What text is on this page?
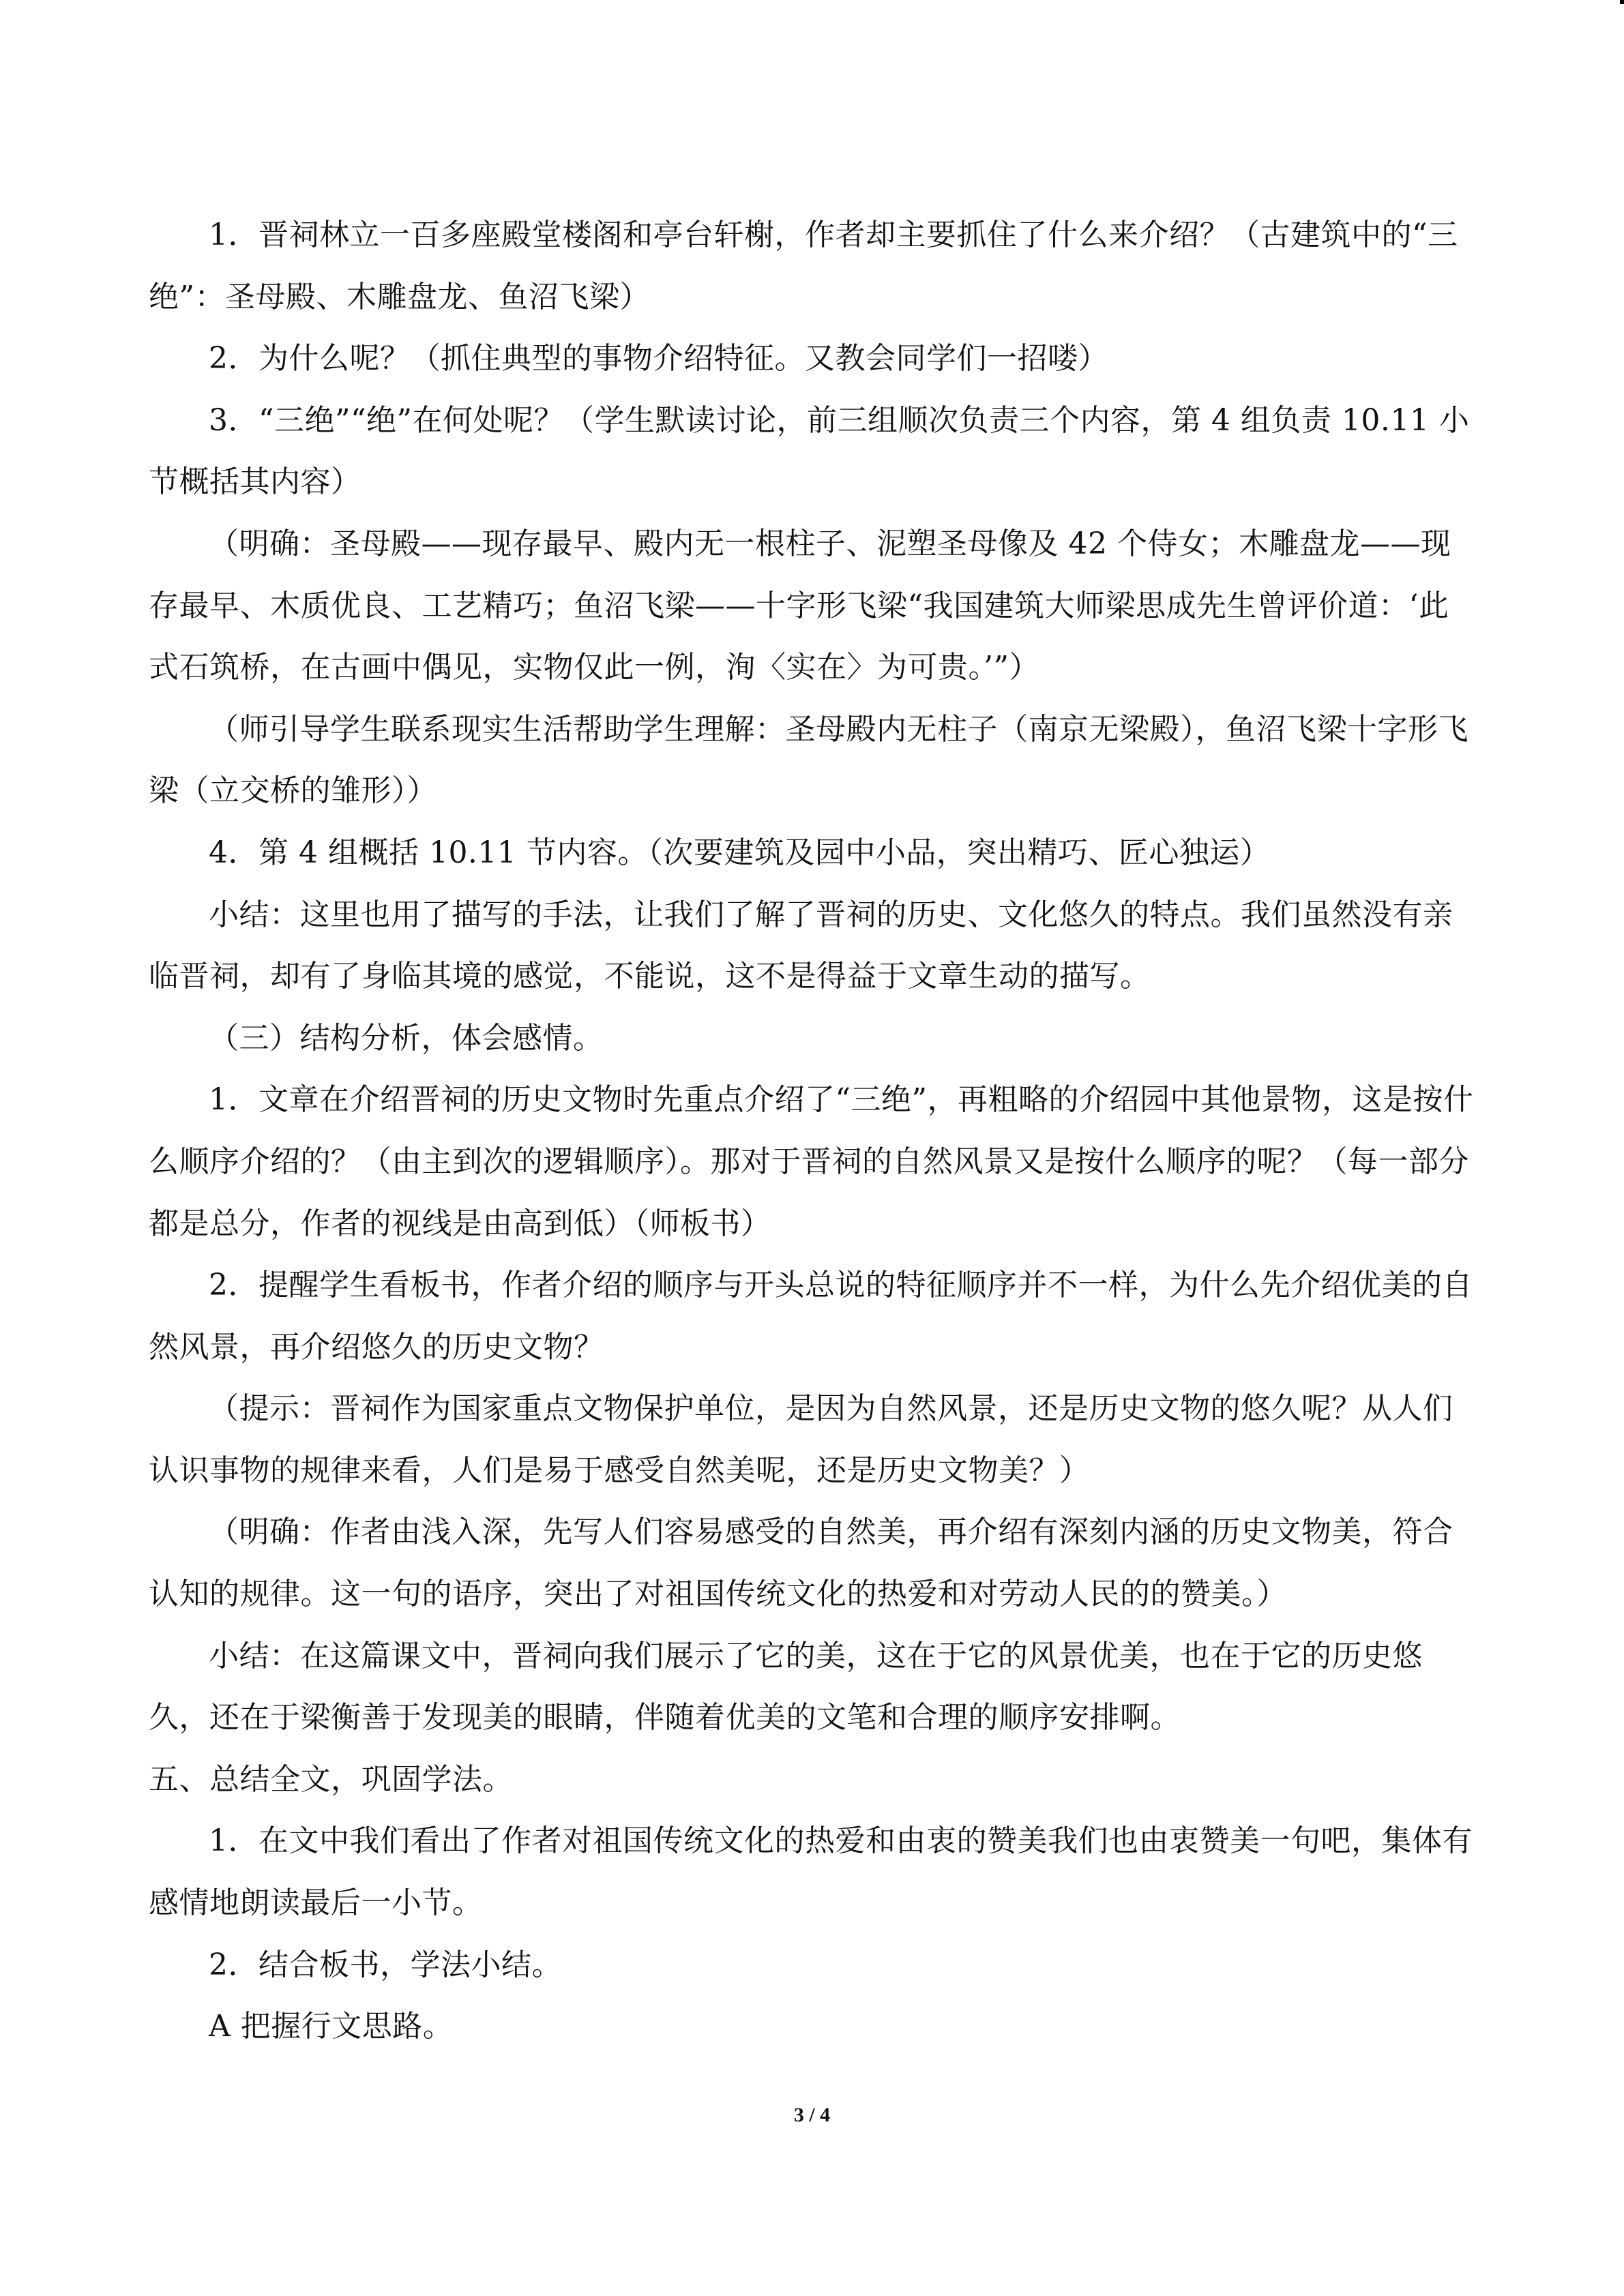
1．晋祠林立一百多座殿堂楼阁和亭台轩榭，作者却主要抓住了什么来介绍？（古建筑中的“三绝”：圣母殿、木雕盘龙、鱼沼飞梁）

2．为什么呢？（抓住典型的事物介绍特征。又教会同学们一招喽）

3．“三绝”“绝”在何处呢？（学生默读讨论，前三组顺次负责三个内容，第 4 组负责 10.11 小节概括其内容）

（明确：圣母殿——现存最早、殿内无一根柱子、泥塑圣母像及 42 个侍女；木雕盘龙——现存最早、木质优良、工艺精巧；鱼沼飞梁——十字形飞梁“我国建筑大师梁思成先生曾评价道：‘此式石筑桥，在古画中偶见，实物仅此一例，洵〈实在〉为可贵。’”）

（师引导学生联系现实生活帮助学生理解：圣母殿内无柱子（南京无梁殿），鱼沼飞梁十字形飞梁（立交桥的雏形））

4．第 4 组概括 10.11 节内容。（次要建筑及园中小品，突出精巧、匠心独运）

小结：这里也用了描写的手法，让我们了解了晋祠的历史、文化悠久的特点。我们虽然没有亲临晋祠，却有了身临其境的感觉，不能说，这不是得益于文章生动的描写。

（三）结构分析，体会感情。

1．文章在介绍晋祠的历史文物时先重点介绍了“三绝”，再粗略的介绍园中其他景物，这是按什么顺序介绍的？（由主到次的逻辑顺序）。那对于晋祠的自然风景又是按什么顺序的呢？（每一部分都是总分，作者的视线是由高到低）（师板书）

2．提醒学生看板书，作者介绍的顺序与开头总说的特征顺序并不一样，为什么先介绍优美的自然风景，再介绍悠久的历史文物？

（提示：晋祠作为国家重点文物保护单位，是因为自然风景，还是历史文物的悠久呢？从人们认识事物的规律来看，人们是易于感受自然美呢，还是历史文物美？）

（明确：作者由浅入深，先写人们容易感受的自然美，再介绍有深刻内涵的历史文物美，符合认知的规律。这一句的语序，突出了对祖国传统文化的热爱和对劳动人民的的赞美。）

小结：在这篇课文中，晋祠向我们展示了它的美，这在于它的风景优美，也在于它的历史悠久，还在于梁衡善于发现美的眼睛，伴随着优美的文笔和合理的顺序安排啊。

五、总结全文，巩固学法。

1．在文中我们看出了作者对祖国传统文化的热爱和由衷的赞美我们也由衷赞美一句吧，集体有感情地朗读最后一小节。

2．结合板书，学法小结。

A 把握行文思路。

3 / 4
